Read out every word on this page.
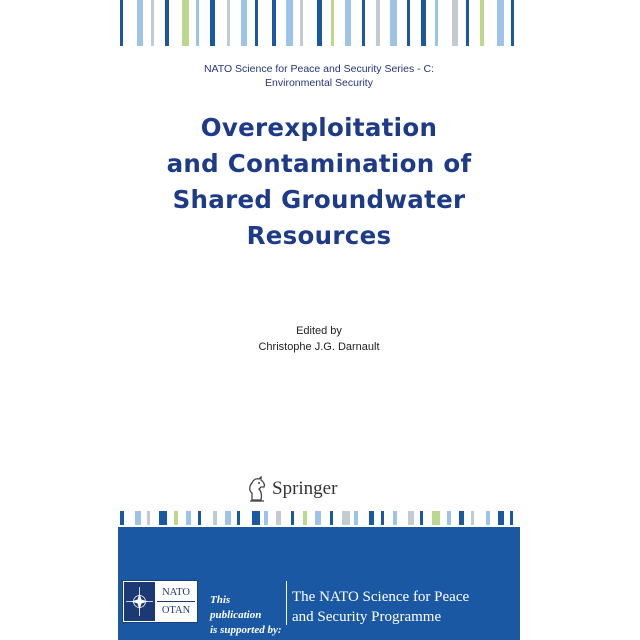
NATO Science for Peace and Security Series - C:
Environmental Security
Overexploitation
and Contamination of
Shared Groundwater
Resources
Edited by
Christophe J.G. Darnault
Springer
NATO
OTAN
This publication
is supported by:
The NATO Science for Peace
and Security Programme
